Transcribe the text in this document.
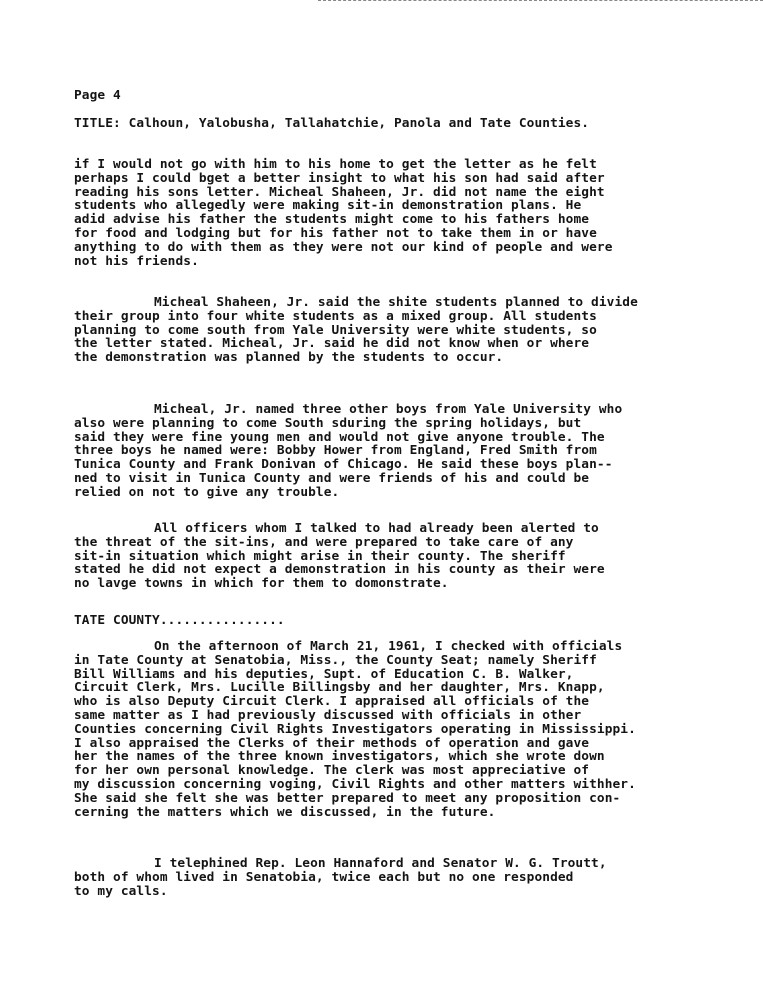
Page 4
TITLE: Calhoun, Yalobusha, Tallahatchie, Panola and Tate Counties.
if I would not go with him to his home to get the letter as he felt
perhaps I could bget a better insight to what his son had said after
reading his sons letter. Micheal Shaheen, Jr. did not name the eight
students who allegedly were making sit-in demonstration plans. He
adid advise his father the students might come to his fathers home
for food and lodging but for his father not to take them in or have
anything to do with them as they were not our kind of people and were
not his friends.
Micheal Shaheen, Jr. said the shite students planned to divide
their group into four white students as a mixed group. All students
planning to come south from Yale University were white students, so
the letter stated. Micheal, Jr. said he did not know when or where
the demonstration was planned by the students to occur.
Micheal, Jr. named three other boys from Yale University who
also were planning to come South sduring the spring holidays, but
said they were fine young men and would not give anyone trouble. The
three boys he named were: Bobby Hower from England, Fred Smith from
Tunica County and Frank Donivan of Chicago. He said these boys plan--
ned to visit in Tunica County and were friends of his and could be
relied on not to give any trouble.
All officers whom I talked to had already been alerted to
the threat of the sit-ins, and were prepared to take care of any
sit-in situation which might arise in their county. The sheriff
stated he did not expect a demonstration in his county as their were
no lavge towns in which for them to domonstrate.
TATE COUNTY................
On the afternoon of March 21, 1961, I checked with officials
in Tate County at Senatobia, Miss., the County Seat; namely Sheriff
Bill Williams and his deputies, Supt. of Education C. B. Walker,
Circuit Clerk, Mrs. Lucille Billingsby and her daughter, Mrs. Knapp,
who is also Deputy Circuit Clerk. I appraised all officials of the
same matter as I had previously discussed with officials in other
Counties concerning Civil Rights Investigators operating in Mississippi.
I also appraised the Clerks of their methods of operation and gave
her the names of the three known investigators, which she wrote down
for her own personal knowledge. The clerk was most appreciative of
my discussion concerning voging, Civil Rights and other matters withher.
She said she felt she was better prepared to meet any proposition con-
cerning the matters which we discussed, in the future.
I telephined Rep. Leon Hannaford and Senator W. G. Troutt,
both of whom lived in Senatobia, twice each but no one responded
to my calls.
